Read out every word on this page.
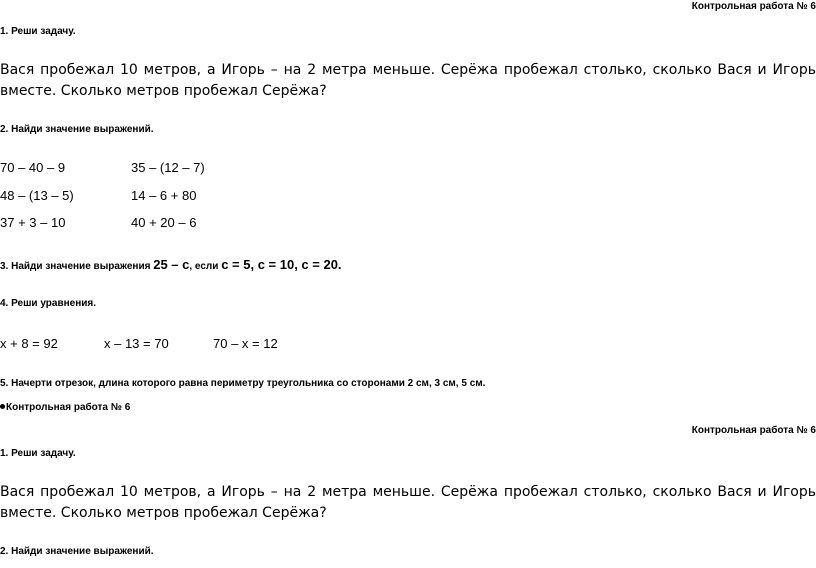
Контрольная работа № 6
1. Реши задачу.
Вася пробежал 10 метров, а Игорь – на 2 метра меньше. Серёжа пробежал столько, сколько Вася и Игорь вместе. Сколько метров пробежал Серёжа?
2. Найди значение выражений.
70 – 40 – 9	35 – (12 – 7)
48 – (13 – 5)	14 – 6 + 80
37 + 3 – 10	40 + 20 – 6
3. Найди значение выражения 25 – с, если с = 5, с = 10, с = 20.
4. Реши уравнения.
х + 8 = 92	х – 13 = 70	70 – х = 12
5. Начерти отрезок, длина которого равна периметру треугольника со сторонами 2 см, 3 см, 5 см.
Контрольная работа № 6
Контрольная работа № 6
1. Реши задачу.
Вася пробежал 10 метров, а Игорь – на 2 метра меньше. Серёжа пробежал столько, сколько Вася и Игорь вместе. Сколько метров пробежал Серёжа?
2. Найди значение выражений.
